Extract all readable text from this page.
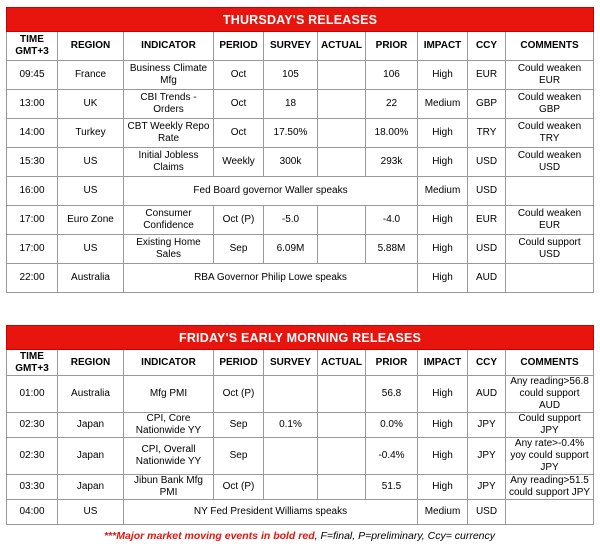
THURSDAY'S RELEASES									
TIME
GMT+3	REGION	INDICATOR	PERIOD	SURVEY	ACTUAL	PRIOR	IMPACT	CCY	COMMENTS
09:45	France	Business Climate Mfg	Oct	105		106	High	EUR	Could weaken EUR
13:00	UK	CBI Trends - Orders	Oct	18		22	Medium	GBP	Could weaken GBP
14:00	Turkey	CBT Weekly Repo Rate	Oct	17.50%		18.00%	High	TRY	Could weaken TRY
15:30	US	Initial Jobless Claims	Weekly	300k		293k	High	USD	Could weaken USD
16:00	US	Fed Board governor Waller speaks					Medium	USD	
17:00	Euro Zone	Consumer Confidence	Oct (P)	-5.0		-4.0	High	EUR	Could weaken EUR
17:00	US	Existing Home Sales	Sep	6.09M		5.88M	High	USD	Could support USD
22:00	Australia	RBA Governor Philip Lowe speaks					High	AUD	
FRIDAY'S EARLY MORNING RELEASES									
TIME
GMT+3	REGION	INDICATOR	PERIOD	SURVEY	ACTUAL	PRIOR	IMPACT	CCY	COMMENTS
01:00	Australia	Mfg PMI	Oct (P)			56.8	High	AUD	Any reading>56.8 could support AUD
02:30	Japan	CPI, Core Nationwide YY	Sep	0.1%		0.0%	High	JPY	Could support JPY
02:30	Japan	CPI, Overall Nationwide YY	Sep			-0.4%	High	JPY	Any rate>-0.4% yoy could support JPY
03:30	Japan	Jibun Bank Mfg PMI	Oct (P)			51.5	High	JPY	Any reading>51.5 could support JPY
04:00	US	NY Fed President Williams speaks					Medium	USD	
***Major market moving events in bold red, F=final, P=preliminary, Ccy= currency
